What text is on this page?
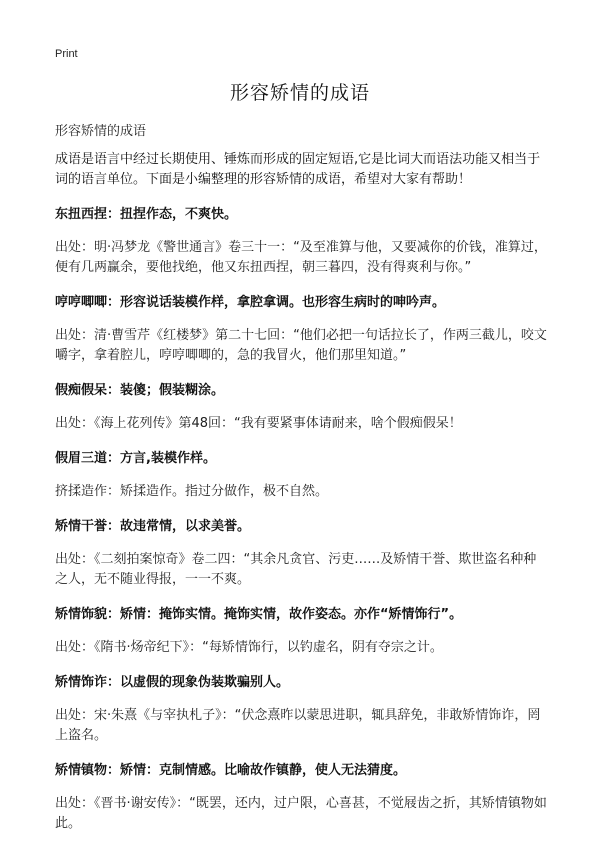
Print
形容矫情的成语
形容矫情的成语

成语是语言中经过长期使用、锤炼而形成的固定短语,它是比词大而语法功能又相当于词的语言单位。下面是小编整理的形容矫情的成语，希望对大家有帮助！

东扭西捏：扭捏作态，不爽快。

出处：明·冯梦龙《警世通言》卷三十一：“及至准算与他，又要减你的价钱，准算过，便有几两赢余，要他找绝，他又东扭西捏，朝三暮四，没有得爽利与你。”

哼哼唧唧：形容说话装模作样，拿腔拿调。也形容生病时的呻吟声。

出处：清·曹雪芹《红楼梦》第二十七回：“他们必把一句话拉长了，作两三截儿，咬文嚼字，拿着腔儿，哼哼唧唧的，急的我冒火，他们那里知道。”

假痴假呆：装傻；假装糊涂。

出处：《海上花列传》第48回：“我有要紧事体请耐来，啥个假痴假呆！

假眉三道：方言,装模作样。

挤揉造作：矫揉造作。指过分做作，极不自然。

矫情干誉：故违常情，以求美誉。

出处：《二刻拍案惊奇》卷二四：“其余凡贪官、污吏……及矫情干誉、欺世盗名种种之人，无不随业得报，一一不爽。

矫情饰貌：矫情：掩饰实情。掩饰实情，故作姿态。亦作“矫情饰行”。

出处：《隋书·炀帝纪下》：“每矫情饰行，以钓虚名，阴有夺宗之计。

矫情饰诈：以虚假的现象伪装欺骗别人。

出处：宋·朱熹《与宰执札子》：“伏念熹昨以蒙思进职，辄具辞免，非敢矫情饰诈，罔上盗名。

矫情镇物：矫情：克制情感。比喻故作镇静，使人无法猜度。

出处：《晋书·谢安传》：“既罢，还内，过户限，心喜甚，不觉屐齿之折，其矫情镇物如此。
